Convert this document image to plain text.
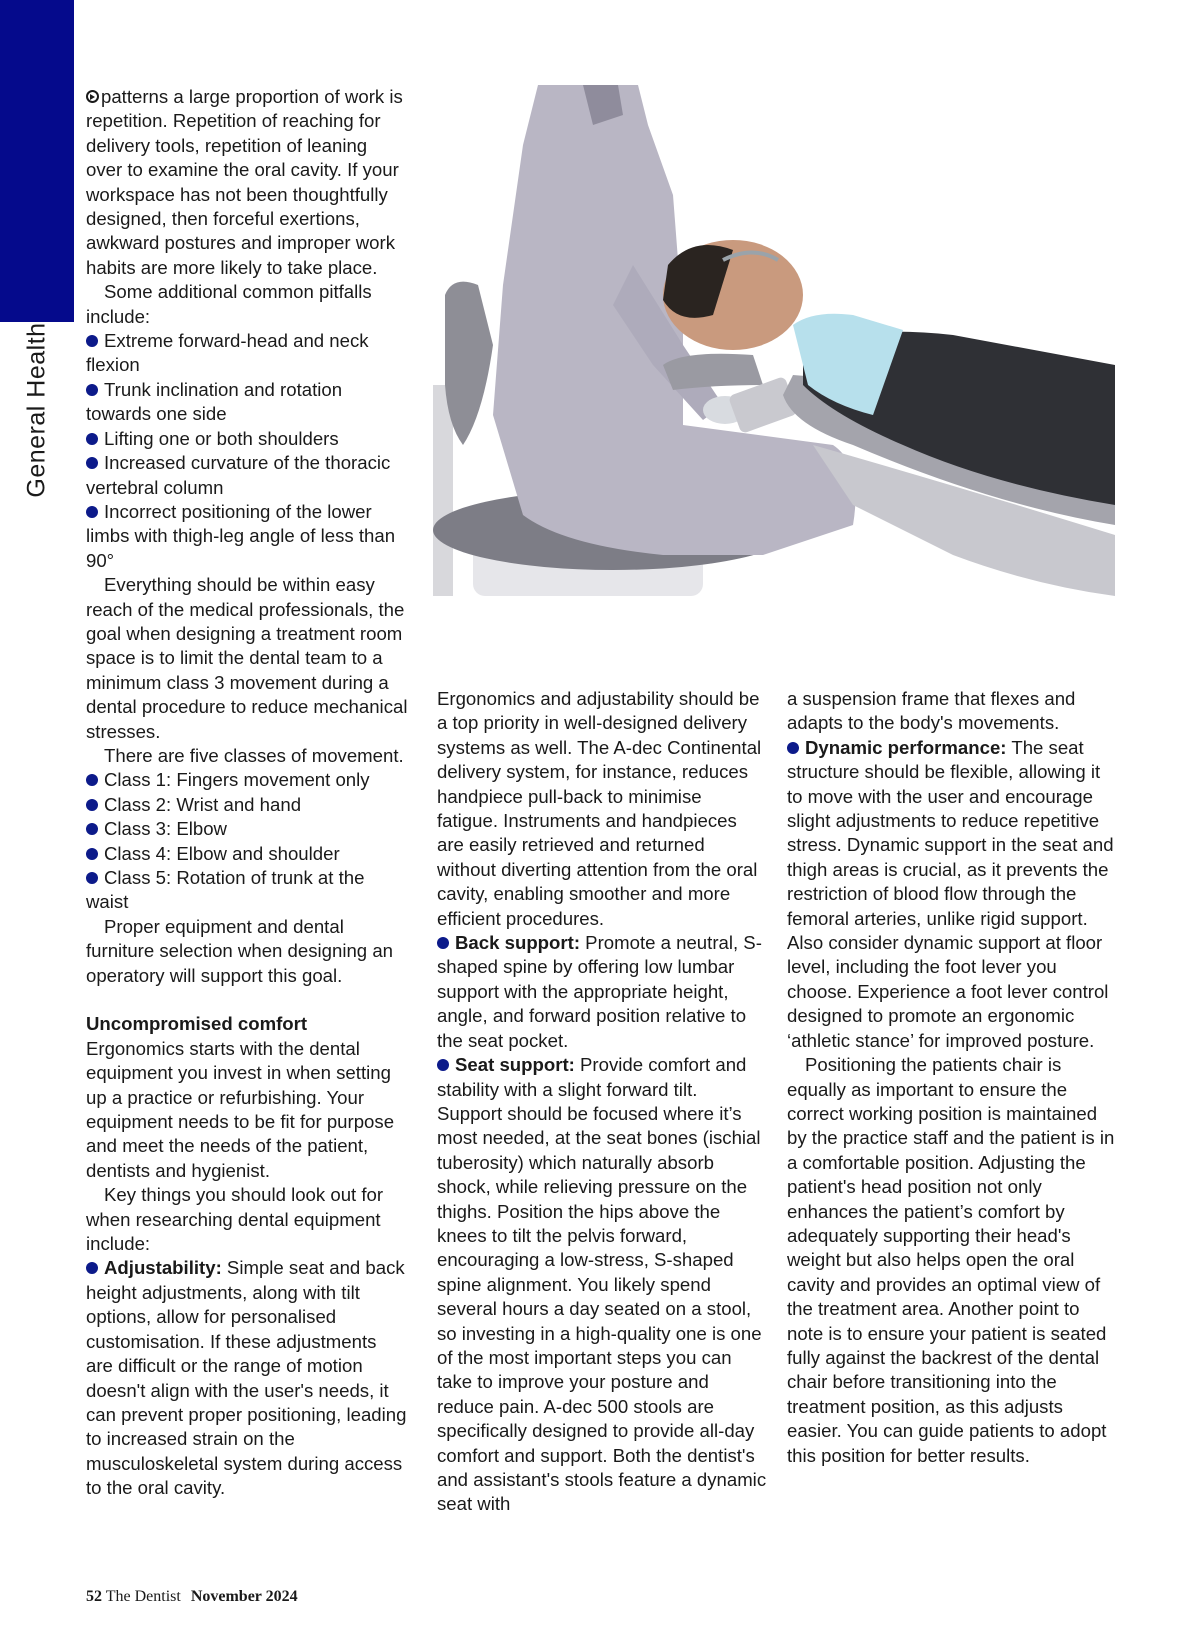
General Health

patterns a large proportion of work is repetition. Repetition of reaching for delivery tools, repetition of leaning over to examine the oral cavity. If your workspace has not been thoughtfully designed, then forceful exertions, awkward postures and improper work habits are more likely to take place.

Some additional common pitfalls include:

Extreme forward-head and neck flexion

Trunk inclination and rotation towards one side

Lifting one or both shoulders

Increased curvature of the thoracic vertebral column

Incorrect positioning of the lower limbs with thigh-leg angle of less than 90°

Everything should be within easy reach of the medical professionals, the goal when designing a treatment room space is to limit the dental team to a minimum class 3 movement during a dental procedure to reduce mechanical stresses.

There are five classes of movement.

Class 1: Fingers movement only

Class 2: Wrist and hand

Class 3: Elbow

Class 4: Elbow and shoulder

Class 5: Rotation of trunk at the waist

Proper equipment and dental furniture selection when designing an operatory will support this goal.

Uncompromised comfort

Ergonomics starts with the dental equipment you invest in when setting up a practice or refurbishing. Your equipment needs to be fit for purpose and meet the needs of the patient, dentists and hygienist.

Key things you should look out for when researching dental equipment include:

Adjustability: Simple seat and back height adjustments, along with tilt options, allow for personalised customisation. If these adjustments are difficult or the range of motion doesn't align with the user's needs, it can prevent proper positioning, leading to increased strain on the musculoskeletal system during access to the oral cavity.

Ergonomics and adjustability should be a top priority in well-designed delivery systems as well. The A-dec Continental delivery system, for instance, reduces handpiece pull-back to minimise fatigue. Instruments and handpieces are easily retrieved and returned without diverting attention from the oral cavity, enabling smoother and more efficient procedures.

Back support: Promote a neutral, S-shaped spine by offering low lumbar support with the appropriate height, angle, and forward position relative to the seat pocket.

Seat support: Provide comfort and stability with a slight forward tilt. Support should be focused where it’s most needed, at the seat bones (ischial tuberosity) which naturally absorb shock, while relieving pressure on the thighs. Position the hips above the knees to tilt the pelvis forward, encouraging a low-stress, S-shaped spine alignment. You likely spend several hours a day seated on a stool, so investing in a high-quality one is one of the most important steps you can take to improve your posture and reduce pain. A-dec 500 stools are specifically designed to provide all-day comfort and support. Both the dentist's and assistant's stools feature a dynamic seat with

a suspension frame that flexes and adapts to the body's movements.

Dynamic performance: The seat structure should be flexible, allowing it to move with the user and encourage slight adjustments to reduce repetitive stress. Dynamic support in the seat and thigh areas is crucial, as it prevents the restriction of blood flow through the femoral arteries, unlike rigid support. Also consider dynamic support at floor level, including the foot lever you choose. Experience a foot lever control designed to promote an ergonomic ‘athletic stance’ for improved posture.

Positioning the patients chair is equally as important to ensure the correct working position is maintained by the practice staff and the patient is in a comfortable position. Adjusting the patient's head position not only enhances the patient’s comfort by adequately supporting their head's weight but also helps open the oral cavity and provides an optimal view of the treatment area. Another point to note is to ensure your patient is seated fully against the backrest of the dental chair before transitioning into the treatment position, as this adjusts easier. You can guide patients to adopt this position for better results.

52 The Dentist November 2024
